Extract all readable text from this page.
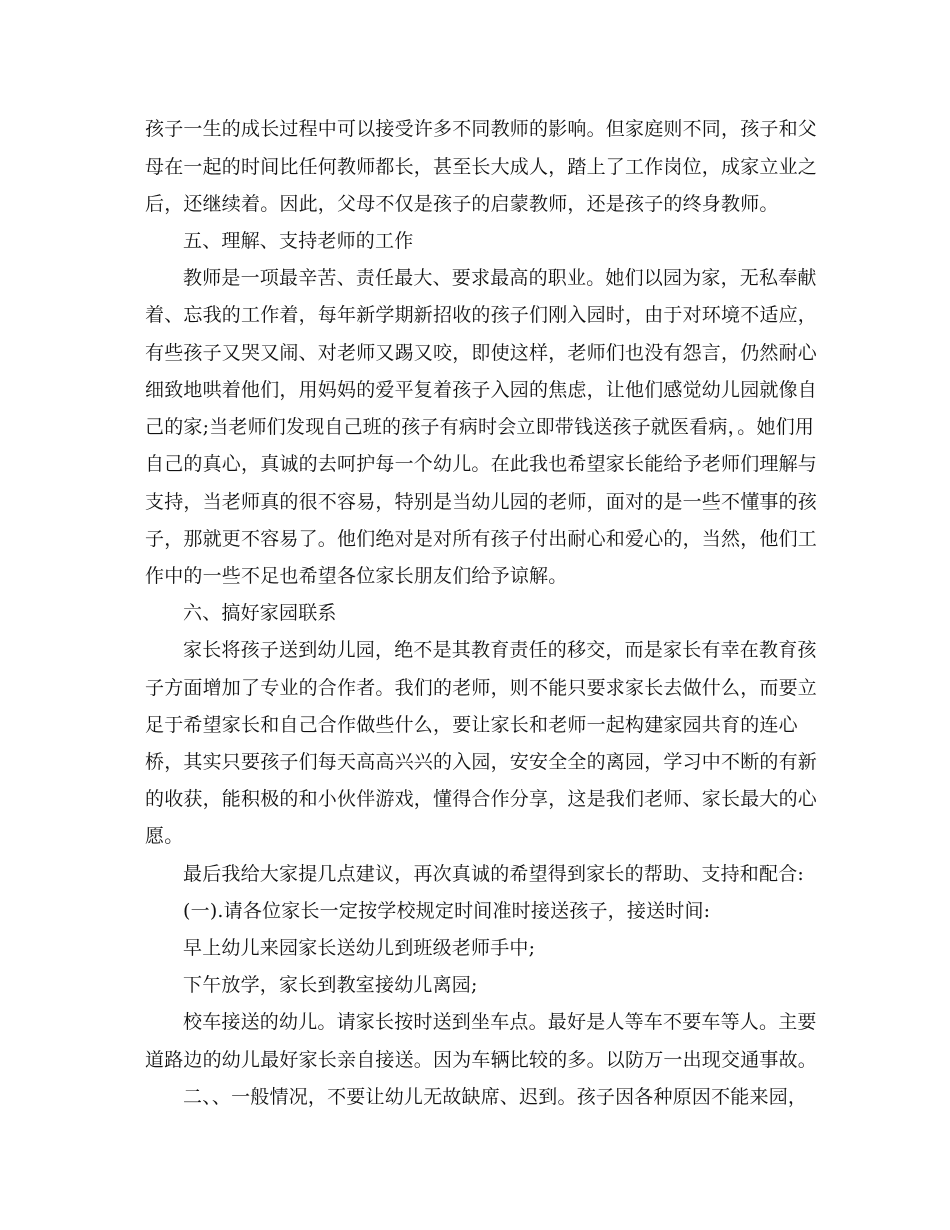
孩子一生的成长过程中可以接受许多不同教师的影响。但家庭则不同，孩子和父
母在一起的时间比任何教师都长，甚至长大成人，踏上了工作岗位，成家立业之
后，还继续着。因此，父母不仅是孩子的启蒙教师，还是孩子的终身教师。
五、理解、支持老师的工作
教师是一项最辛苦、责任最大、要求最高的职业。她们以园为家，无私奉献
着、忘我的工作着，每年新学期新招收的孩子们刚入园时，由于对环境不适应，
有些孩子又哭又闹、对老师又踢又咬，即使这样，老师们也没有怨言，仍然耐心
细致地哄着他们，用妈妈的爱平复着孩子入园的焦虑，让他们感觉幼儿园就像自
己的家;当老师们发现自己班的孩子有病时会立即带钱送孩子就医看病，。她们用
自己的真心，真诚的去呵护每一个幼儿。在此我也希望家长能给予老师们理解与
支持，当老师真的很不容易，特别是当幼儿园的老师，面对的是一些不懂事的孩
子，那就更不容易了。他们绝对是对所有孩子付出耐心和爱心的，当然，他们工
作中的一些不足也希望各位家长朋友们给予谅解。
六、搞好家园联系
家长将孩子送到幼儿园，绝不是其教育责任的移交，而是家长有幸在教育孩
子方面增加了专业的合作者。我们的老师，则不能只要求家长去做什么，而要立
足于希望家长和自己合作做些什么，要让家长和老师一起构建家园共育的连心
桥，其实只要孩子们每天高高兴兴的入园，安安全全的离园，学习中不断的有新
的收获，能积极的和小伙伴游戏，懂得合作分享，这是我们老师、家长最大的心
愿。
最后我给大家提几点建议，再次真诚的希望得到家长的帮助、支持和配合:
(一).请各位家长一定按学校规定时间准时接送孩子，接送时间:
早上幼儿来园家长送幼儿到班级老师手中;
下午放学，家长到教室接幼儿离园;
校车接送的幼儿。请家长按时送到坐车点。最好是人等车不要车等人。主要
道路边的幼儿最好家长亲自接送。因为车辆比较的多。以防万一出现交通事故。
二、、一般情况，不要让幼儿无故缺席、迟到。孩子因各种原因不能来园，
